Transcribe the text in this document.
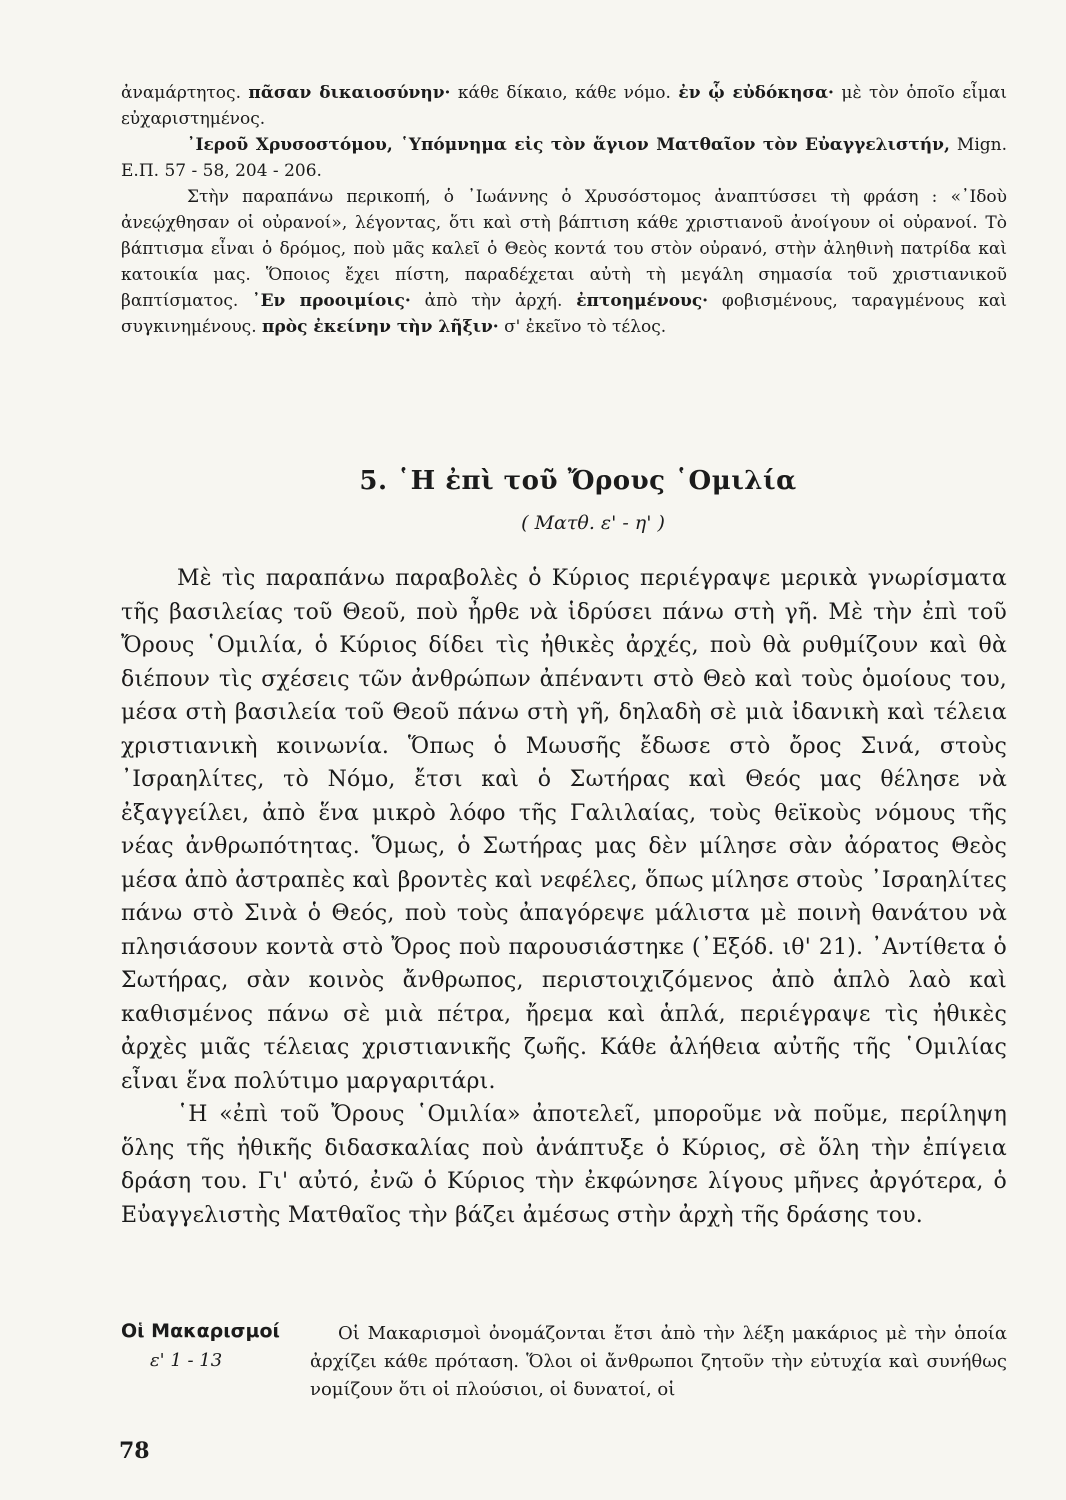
ἀναμάρτητος. πᾶσαν δικαιοσύνην· κάθε δίκαιο, κάθε νόμο. ἐν ᾧ εὐδόκησα· μὲ τὸν ὁποῖο εἶμαι εὐχαριστημένος.

᾿Ιεροῦ Χρυσοστόμου, ῾Υπόμνημα εἰς τὸν ἅγιον Ματθαῖον τὸν Εὐαγγελιστήν, Mign. Ε.Π. 57 - 58, 204 - 206.

Στὴν παραπάνω περικοπή, ὁ ᾿Ιωάννης ὁ Χρυσόστομος ἀναπτύσσει τὴ φράση : «᾿Ιδοὺ ἀνεῴχθησαν οἱ οὐρανοί», λέγοντας, ὅτι καὶ στὴ βάπτιση κάθε χριστιανοῦ ἀνοίγουν οἱ οὐρανοί. Τὸ βάπτισμα εἶναι ὁ δρόμος, ποὺ μᾶς καλεῖ ὁ Θεὸς κοντά του στὸν οὐρανό, στὴν ἀληθινὴ πατρίδα καὶ κατοικία μας. Ὅποιος ἔχει πίστη, παραδέχεται αὐτὴ τὴ μεγάλη σημασία τοῦ χριστιανικοῦ βαπτίσματος. ᾿Εν προοιμίοις· ἀπὸ τὴν ἀρχή. ἐπτοημένους· φοβισμένους, ταραγμένους καὶ συγκινημένους. πρὸς ἐκείνην τὴν λῆξιν· σ' ἐκεῖνο τὸ τέλος.

5. ῾Η ἐπὶ τοῦ Ὄρους ῾Ομιλία
( Ματθ. ε' - η' )

Μὲ τὶς παραπάνω παραβολὲς ὁ Κύριος περιέγραψε μερικὰ γνωρίσματα τῆς βασιλείας τοῦ Θεοῦ, ποὺ ἦρθε νὰ ἱδρύσει πάνω στὴ γῆ. Μὲ τὴν ἐπὶ τοῦ Ὄρους ῾Ομιλία, ὁ Κύριος δίδει τὶς ἠθικὲς ἀρχές, ποὺ θὰ ρυθμίζουν καὶ θὰ διέπουν τὶς σχέσεις τῶν ἀνθρώπων ἀπέναντι στὸ Θεὸ καὶ τοὺς ὁμοίους του, μέσα στὴ βασιλεία τοῦ Θεοῦ πάνω στὴ γῆ, δηλαδὴ σὲ μιὰ ἰδανικὴ καὶ τέλεια χριστιανικὴ κοινωνία. Ὅπως ὁ Μωυσῆς ἔδωσε στὸ ὄρος Σινά, στοὺς ᾿Ισραηλίτες, τὸ Νόμο, ἔτσι καὶ ὁ Σωτήρας καὶ Θεός μας θέλησε νὰ ἐξαγγείλει, ἀπὸ ἕνα μικρὸ λόφο τῆς Γαλιλαίας, τοὺς θεϊκοὺς νόμους τῆς νέας ἀνθρωπότητας. Ὅμως, ὁ Σωτήρας μας δὲν μίλησε σὰν ἀόρατος Θεὸς μέσα ἀπὸ ἀστραπὲς καὶ βροντὲς καὶ νεφέλες, ὅπως μίλησε στοὺς ᾿Ισραηλίτες πάνω στὸ Σινὰ ὁ Θεός, ποὺ τοὺς ἀπαγόρεψε μάλιστα μὲ ποινὴ θανάτου νὰ πλησιάσουν κοντὰ στὸ Ὄρος ποὺ παρουσιάστηκε (᾿Εξόδ. ιθ' 21). ᾿Αντίθετα ὁ Σωτήρας, σὰν κοινὸς ἄνθρωπος, περιστοιχιζόμενος ἀπὸ ἁπλὸ λαὸ καὶ καθισμένος πάνω σὲ μιὰ πέτρα, ἤρεμα καὶ ἁπλά, περιέγραψε τὶς ἠθικὲς ἀρχὲς μιᾶς τέλειας χριστιανικῆς ζωῆς. Κάθε ἀλήθεια αὐτῆς τῆς ῾Ομιλίας εἶναι ἕνα πολύτιμο μαργαριτάρι.

῾Η «ἐπὶ τοῦ Ὄρους ῾Ομιλία» ἀποτελεῖ, μποροῦμε νὰ ποῦμε, περίληψη ὅλης τῆς ἠθικῆς διδασκαλίας ποὺ ἀνάπτυξε ὁ Κύριος, σὲ ὅλη τὴν ἐπίγεια δράση του. Γι' αὐτό, ἐνῶ ὁ Κύριος τὴν ἐκφώνησε λίγους μῆνες ἀργότερα, ὁ Εὐαγγελιστὴς Ματθαῖος τὴν βάζει ἀμέσως στὴν ἀρχὴ τῆς δράσης του.

Οἱ Μακαρισμοί
ε' 1 - 13

Οἱ Μακαρισμοὶ ὀνομάζονται ἔτσι ἀπὸ τὴν λέξη μακάριος μὲ τὴν ὁποία ἀρχίζει κάθε πρόταση. Ὅλοι οἱ ἄνθρωποι ζητοῦν τὴν εὐτυχία καὶ συνήθως νομίζουν ὅτι οἱ πλούσιοι, οἱ δυνατοί, οἱ

78
